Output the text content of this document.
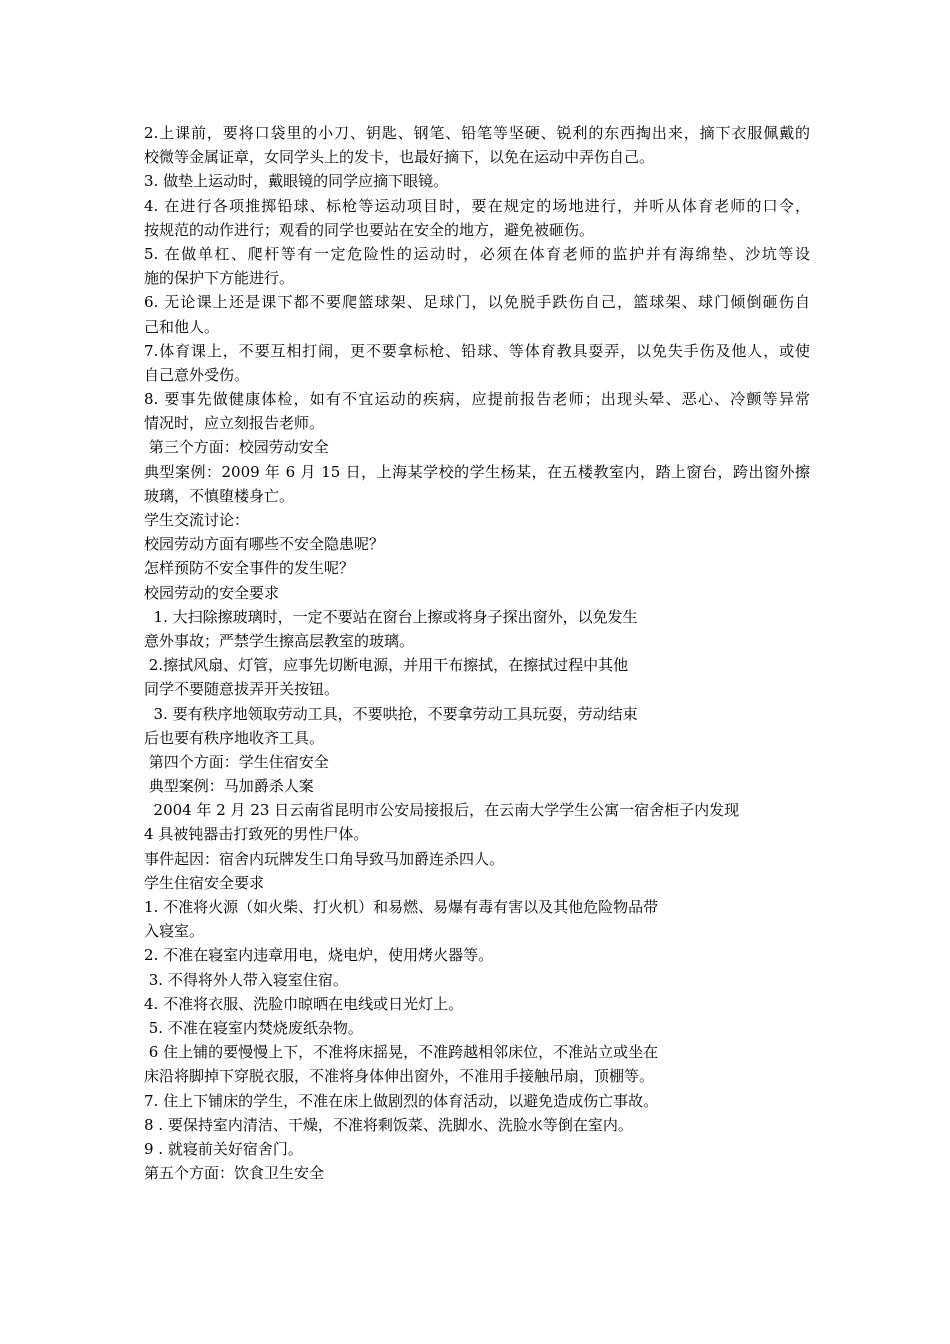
2.上课前，要将口袋里的小刀、钥匙、钢笔、铅笔等坚硬、锐利的东西掏出来，摘下衣服佩戴的
校微等金属证章，女同学头上的发卡，也最好摘下，以免在运动中弄伤自己。
3. 做垫上运动时，戴眼镜的同学应摘下眼镜。
4. 在进行各项推掷铅球、标枪等运动项目时，要在规定的场地进行，并听从体育老师的口令，
按规范的动作进行；观看的同学也要站在安全的地方，避免被砸伤。
5. 在做单杠、爬杆等有一定危险性的运动时，必须在体育老师的监护并有海绵垫、沙坑等设
施的保护下方能进行。
6. 无论课上还是课下都不要爬篮球架、足球门，以免脱手跌伤自己，篮球架、球门倾倒砸伤自
己和他人。
7.体育课上，不要互相打闹，更不要拿标枪、铅球、等体育教具耍弄，以免失手伤及他人，或使
自己意外受伤。
8. 要事先做健康体检，如有不宜运动的疾病，应提前报告老师；出现头晕、恶心、冷颤等异常
情况时，应立刻报告老师。
第三个方面：校园劳动安全
典型案例：2009 年 6 月 15 日，上海某学校的学生杨某，在五楼教室内，踏上窗台，跨出窗外擦
玻璃，不慎堕楼身亡。
学生交流讨论：
校园劳动方面有哪些不安全隐患呢？
怎样预防不安全事件的发生呢？
校园劳动的安全要求
1. 大扫除擦玻璃时，一定不要站在窗台上擦或将身子探出窗外，以免发生
意外事故；严禁学生擦高层教室的玻璃。
2.擦拭风扇、灯管，应事先切断电源，并用干布擦拭，在擦拭过程中其他
同学不要随意拔弄开关按钮。
3. 要有秩序地领取劳动工具，不要哄抢，不要拿劳动工具玩耍，劳动结束
后也要有秩序地收齐工具。
第四个方面：学生住宿安全
典型案例：马加爵杀人案
2004 年 2 月 23 日云南省昆明市公安局接报后，在云南大学学生公寓一宿舍柜子内发现
4 具被钝器击打致死的男性尸体。
事件起因：宿舍内玩牌发生口角导致马加爵连杀四人。
学生住宿安全要求
1. 不准将火源（如火柴、打火机）和易燃、易爆有毒有害以及其他危险物品带
入寝室。
2. 不准在寝室内违章用电，烧电炉，使用烤火器等。
3. 不得将外人带入寝室住宿。
4. 不准将衣服、洗脸巾晾晒在电线或日光灯上。
5. 不准在寝室内焚烧废纸杂物。
6 住上铺的要慢慢上下，不准将床摇晃，不准跨越相邻床位，不准站立或坐在
床沿将脚掉下穿脱衣服，不准将身体伸出窗外，不准用手接触吊扇，顶棚等。
7. 住上下铺床的学生，不准在床上做剧烈的体育活动，以避免造成伤亡事故。
8 . 要保持室内清洁、干燥，不准将剩饭菜、洗脚水、洗脸水等倒在室内。
9 . 就寝前关好宿舍门。
第五个方面：饮食卫生安全
